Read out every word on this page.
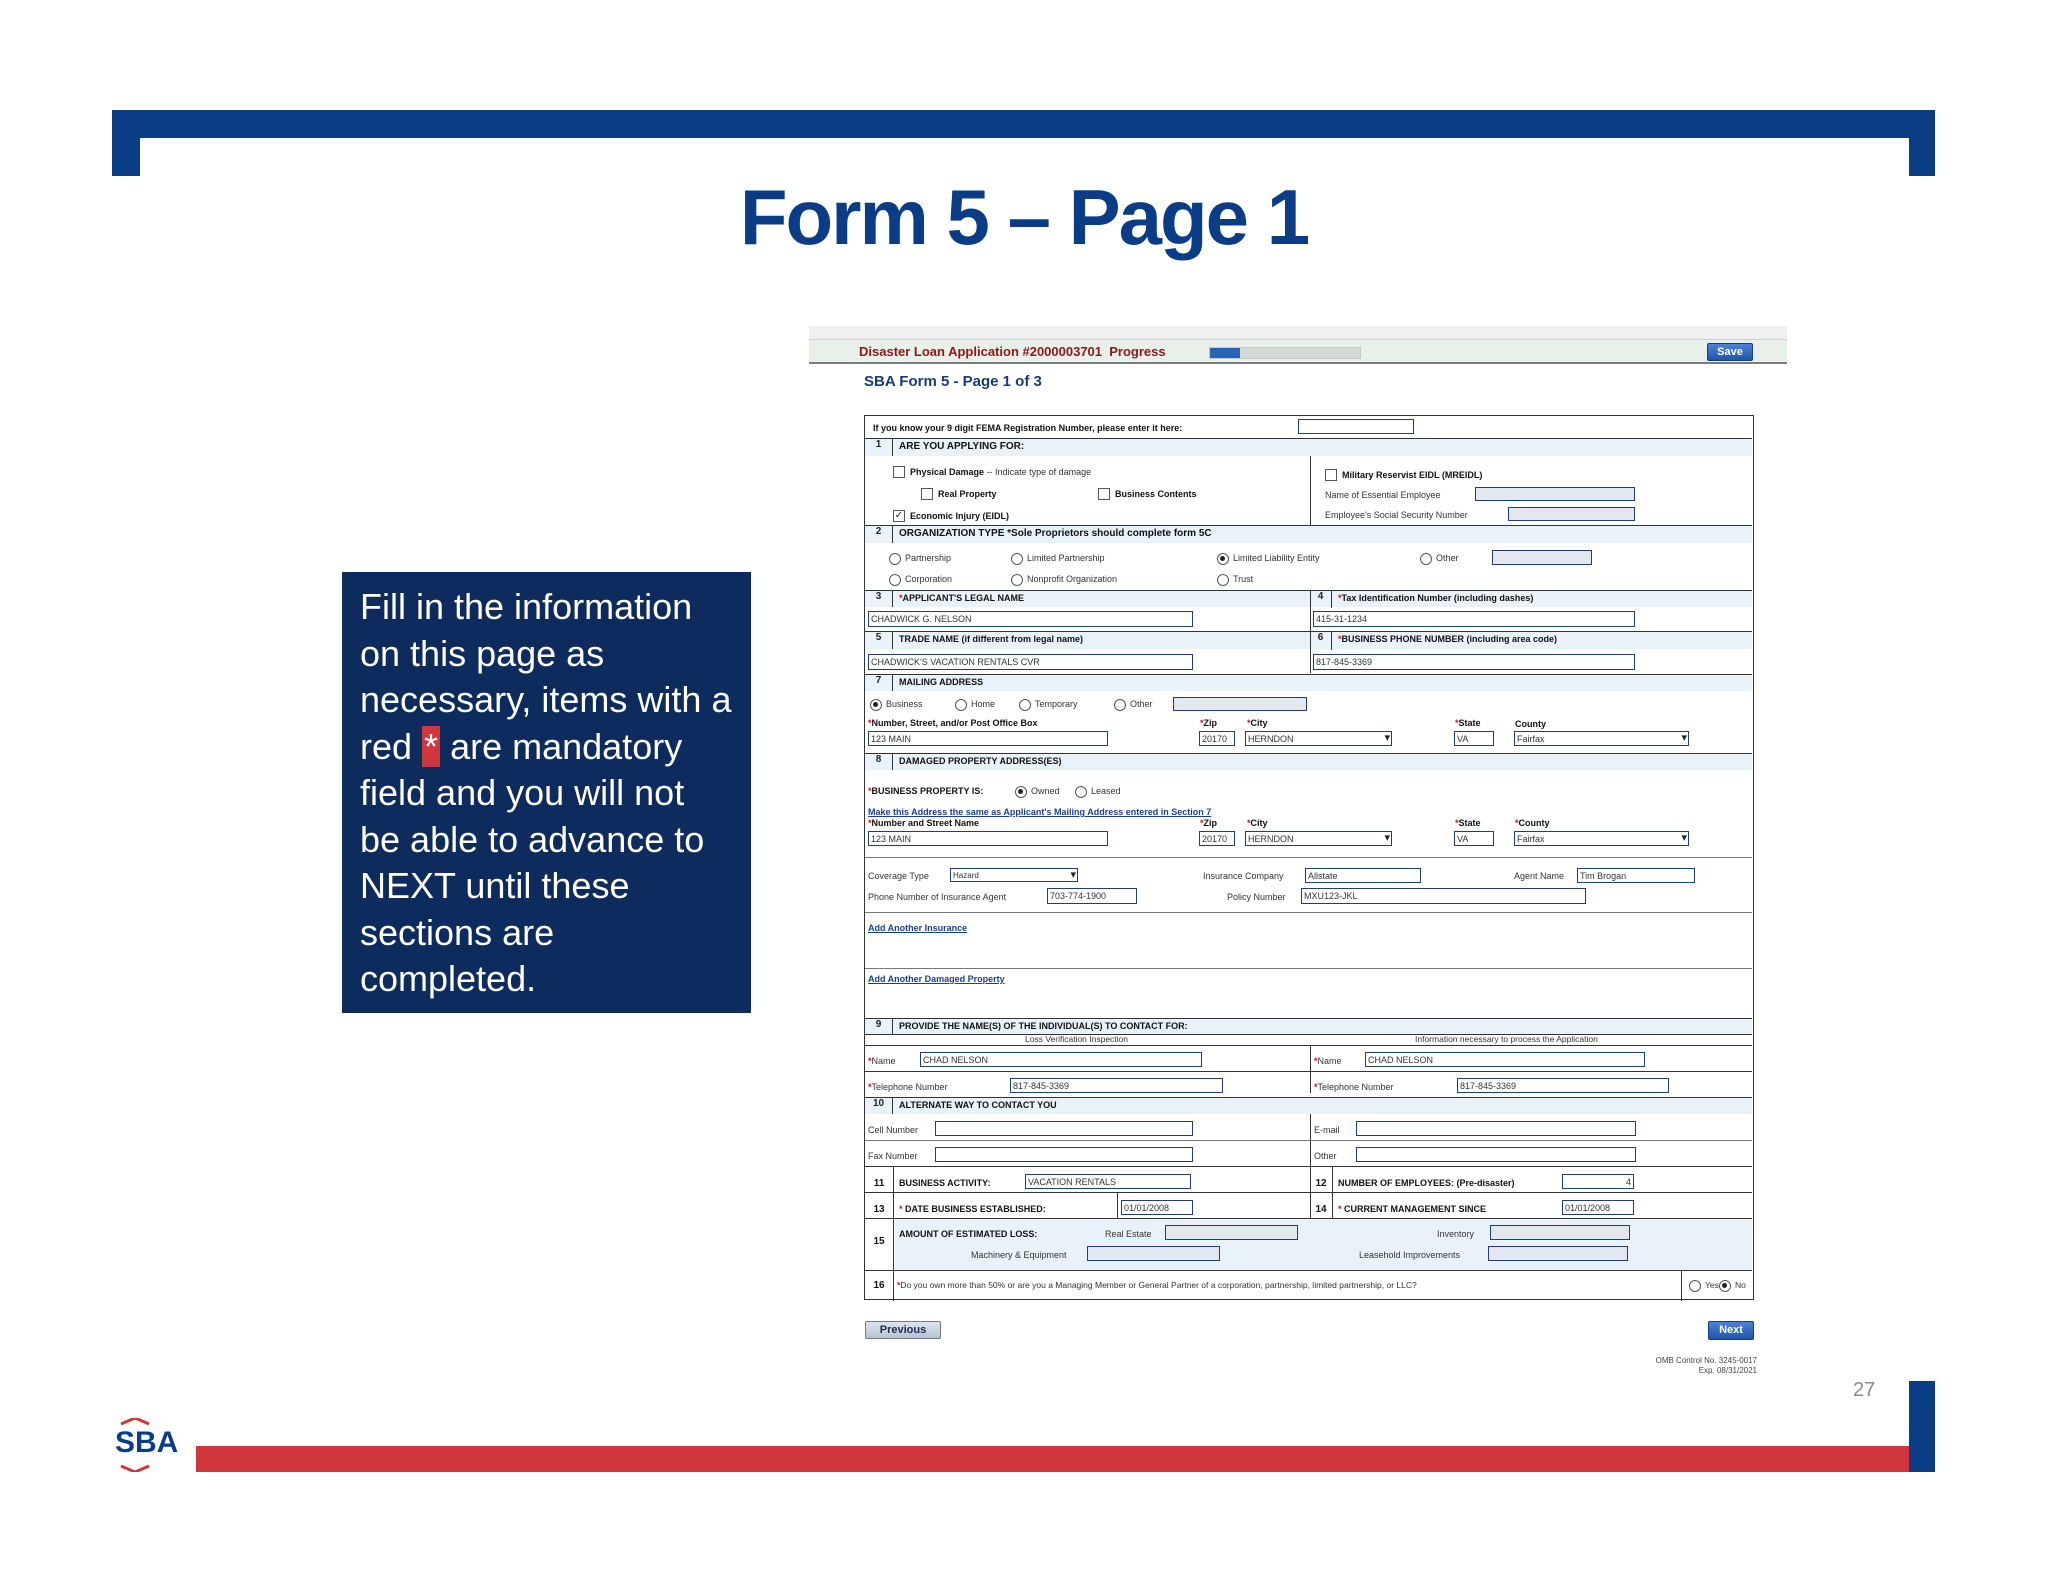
Form 5 – Page 1
27
SBA
Fill in the information on this page as necessary, items with a red * are mandatory field and you will not be able to advance to NEXT until these sections are completed.
Disaster Loan Application #2000003701 Progress	Save
SBA Form 5 - Page 1 of 3
If you know your 9 digit FEMA Registration Number, please enter it here:
1	ARE YOU APPLYING FOR:
Physical Damage -- Indicate type of damage
Real Property	Business Contents
✓ Economic Injury (EIDL)
Military Reservist EIDL (MREIDL)
Name of Essential Employee
Employee's Social Security Number
2	ORGANIZATION TYPE *Sole Proprietors should complete form 5C
Partnership	Limited Partnership	Limited Liability Entity	Other
Corporation	Nonprofit Organization	Trust
3	*APPLICANT'S LEGAL NAME	4	*Tax Identification Number (including dashes)
CHADWICK G. NELSON	415-31-1234
5	TRADE NAME (if different from legal name)	6	*BUSINESS PHONE NUMBER (including area code)
CHADWICK'S VACATION RENTALS CVR	817-845-3369
7	MAILING ADDRESS
Business	Home	Temporary	Other
*Number, Street, and/or Post Office Box	*Zip	*City	*State	County
123 MAIN	20170	HERNDON ▾	VA	Fairfax ▾
8	DAMAGED PROPERTY ADDRESS(ES)
*BUSINESS PROPERTY IS:	Owned	Leased
Make this Address the same as Applicant's Mailing Address entered in Section 7
*Number and Street Name	*Zip	*City	*State	*County
123 MAIN	20170	HERNDON ▾	VA	Fairfax ▾
Coverage Type	Hazard ▾	Insurance Company	Allstate	Agent Name	Tim Brogan
Phone Number of Insurance Agent	703-774-1900	Policy Number	MXU123-JKL
Add Another Insurance
Add Another Damaged Property
9	PROVIDE THE NAME(S) OF THE INDIVIDUAL(S) TO CONTACT FOR:
Loss Verification Inspection	Information necessary to process the Application
*Name	CHAD NELSON	*Name	CHAD NELSON
*Telephone Number	817-845-3369	*Telephone Number	817-845-3369
10	ALTERNATE WAY TO CONTACT YOU
Cell Number	E-mail
Fax Number	Other
11	BUSINESS ACTIVITY:	VACATION RENTALS	12	NUMBER OF EMPLOYEES: (Pre-disaster)	4
13	* DATE BUSINESS ESTABLISHED:	01/01/2008	14	* CURRENT MANAGEMENT SINCE	01/01/2008
15
AMOUNT OF ESTIMATED LOSS:	Real Estate	Inventory
Machinery & Equipment	Leasehold Improvements
16	*Do you own more than 50% or are you a Managing Member or General Partner of a corporation, partnership, limited partnership, or LLC?	Yes No
Previous	Next
OMB Control No. 3245-0017
Exp. 08/31/2021
